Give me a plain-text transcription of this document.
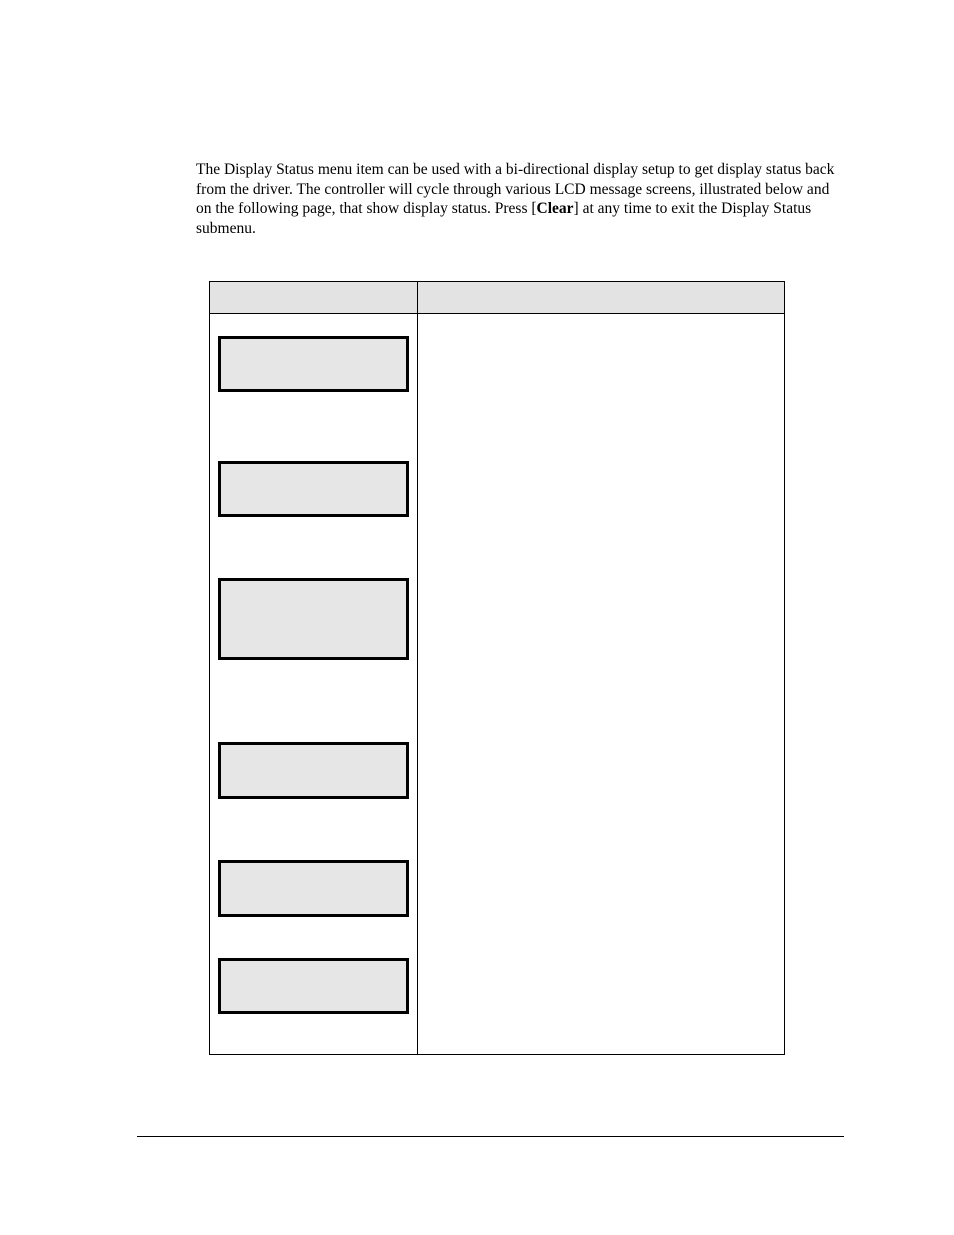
The Display Status menu item can be used with a bi-directional display setup to get display status back from the driver. The controller will cycle through various LCD message screens, illustrated below and on the following page, that show display status. Press [Clear] at any time to exit the Display Status submenu.
